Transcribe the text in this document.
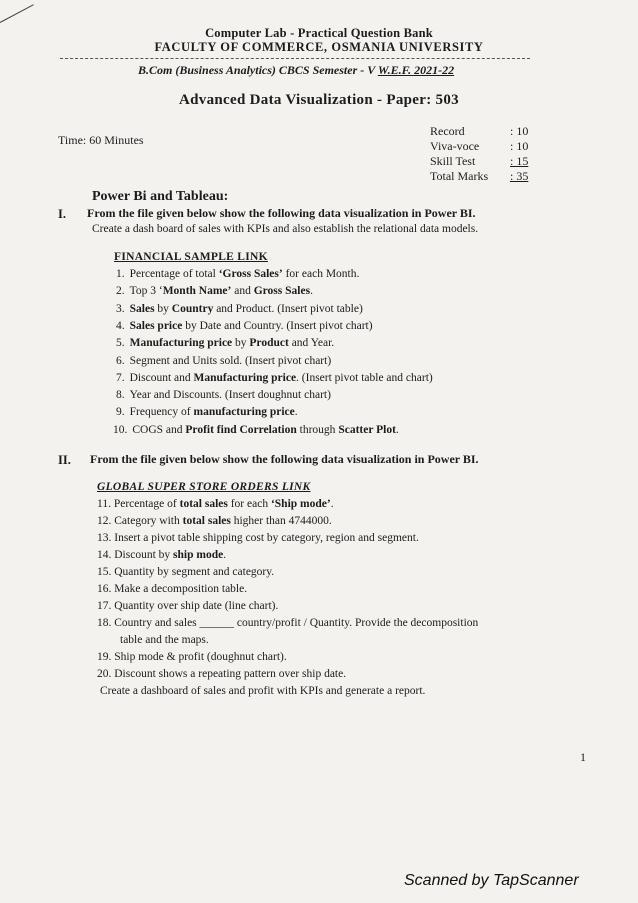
Computer Lab - Practical Question Bank
FACULTY OF COMMERCE, OSMANIA UNIVERSITY
B.Com (Business Analytics) CBCS Semester - V W.E.F. 2021-22
Advanced Data Visualization - Paper: 503
Time: 60 Minutes
Record	: 10
Viva-voce	: 10
Skill Test	: 15
Total Marks	: 35
Power Bi and Tableau:
I. From the file given below show the following data visualization in Power BI.
Create a dash board of sales with KPIs and also establish the relational data models.
FINANCIAL SAMPLE LINK
1. Percentage of total ‘Gross Sales’ for each Month.
2. Top 3 ‘Month Name’ and Gross Sales.
3. Sales by Country and Product. (Insert pivot table)
4. Sales price by Date and Country. (Insert pivot chart)
5. Manufacturing price by Product and Year.
6. Segment and Units sold. (Insert pivot chart)
7. Discount and Manufacturing price. (Insert pivot table and chart)
8. Year and Discounts. (Insert doughnut chart)
9. Frequency of manufacturing price.
10. COGS and Profit find Correlation through Scatter Plot.
II. From the file given below show the following data visualization in Power BI.
GLOBAL SUPER STORE ORDERS LINK
11. Percentage of total sales for each ‘Ship mode’.
12. Category with total sales higher than 4744000.
13. Insert a pivot table shipping cost by category, region and segment.
14. Discount by ship mode.
15. Quantity by segment and category.
16. Make a decomposition table.
17. Quantity over ship date (line chart).
18. Country and sales ______ country/profit / Quantity. Provide the decomposition
table and the maps.
19. Ship mode & profit (doughnut chart).
20. Discount shows a repeating pattern over ship date.
Create a dashboard of sales and profit with KPIs and generate a report.
1
Scanned by TapScanner
